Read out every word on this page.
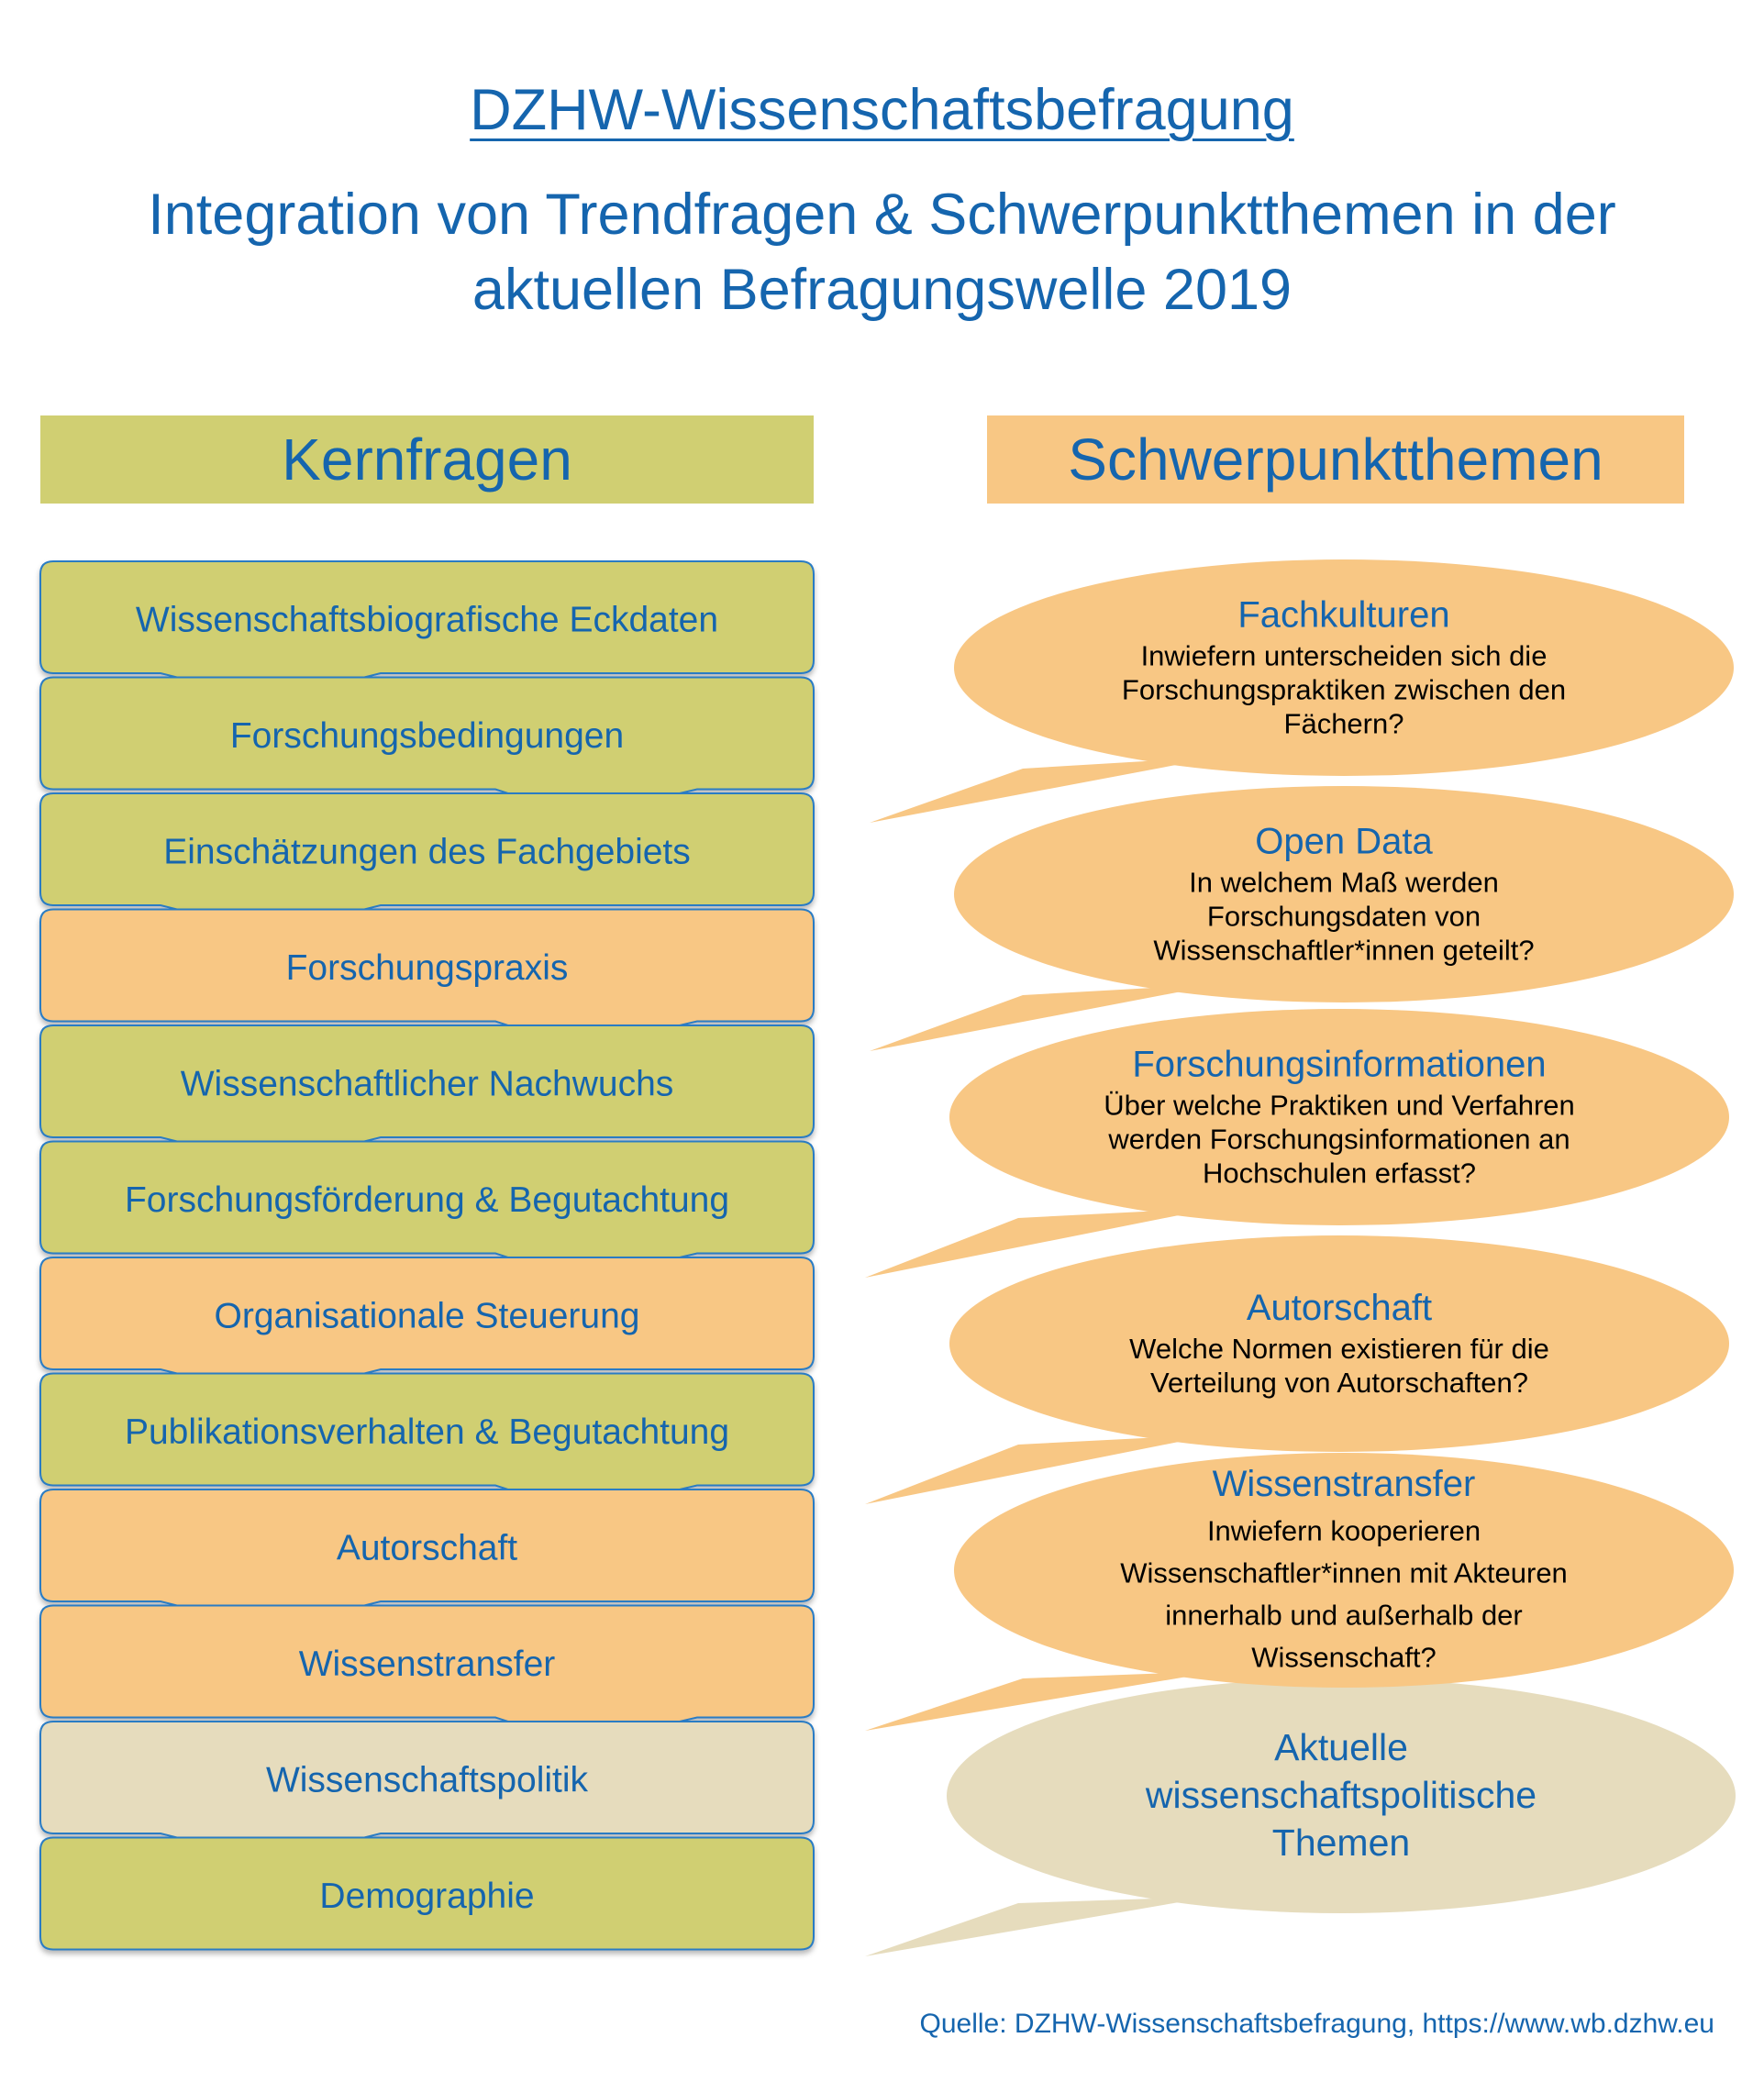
DZHW-Wissenschaftsbefragung
Integration von Trendfragen & Schwerpunktthemen in der
aktuellen Befragungswelle 2019
Kernfragen	Schwerpunktthemen
Aktuelle
wissenschaftspolitische
Themen
Wissenstransfer
Inwiefern kooperieren
Wissenschaftler*innen mit Akteuren
innerhalb und außerhalb der
Wissenschaft?
Autorschaft
Welche Normen existieren für die
Verteilung von Autorschaften?
Forschungsinformationen
Über welche Praktiken und Verfahren
werden Forschungsinformationen an
Hochschulen erfasst?
Open Data
In welchem Maß werden
Forschungsdaten von
Wissenschaftler*innen geteilt?
Fachkulturen
Inwiefern unterscheiden sich die
Forschungspraktiken zwischen den
Fächern?
Wissenschaftsbiografische Eckdaten
Forschungsbedingungen
Einschätzungen des Fachgebiets
Forschungspraxis
Wissenschaftlicher Nachwuchs
Forschungsförderung & Begutachtung
Organisationale Steuerung
Publikationsverhalten & Begutachtung
Autorschaft
Wissenstransfer
Wissenschaftspolitik
Demographie
Quelle: DZHW-Wissenschaftsbefragung, https://www.wb.dzhw.eu
